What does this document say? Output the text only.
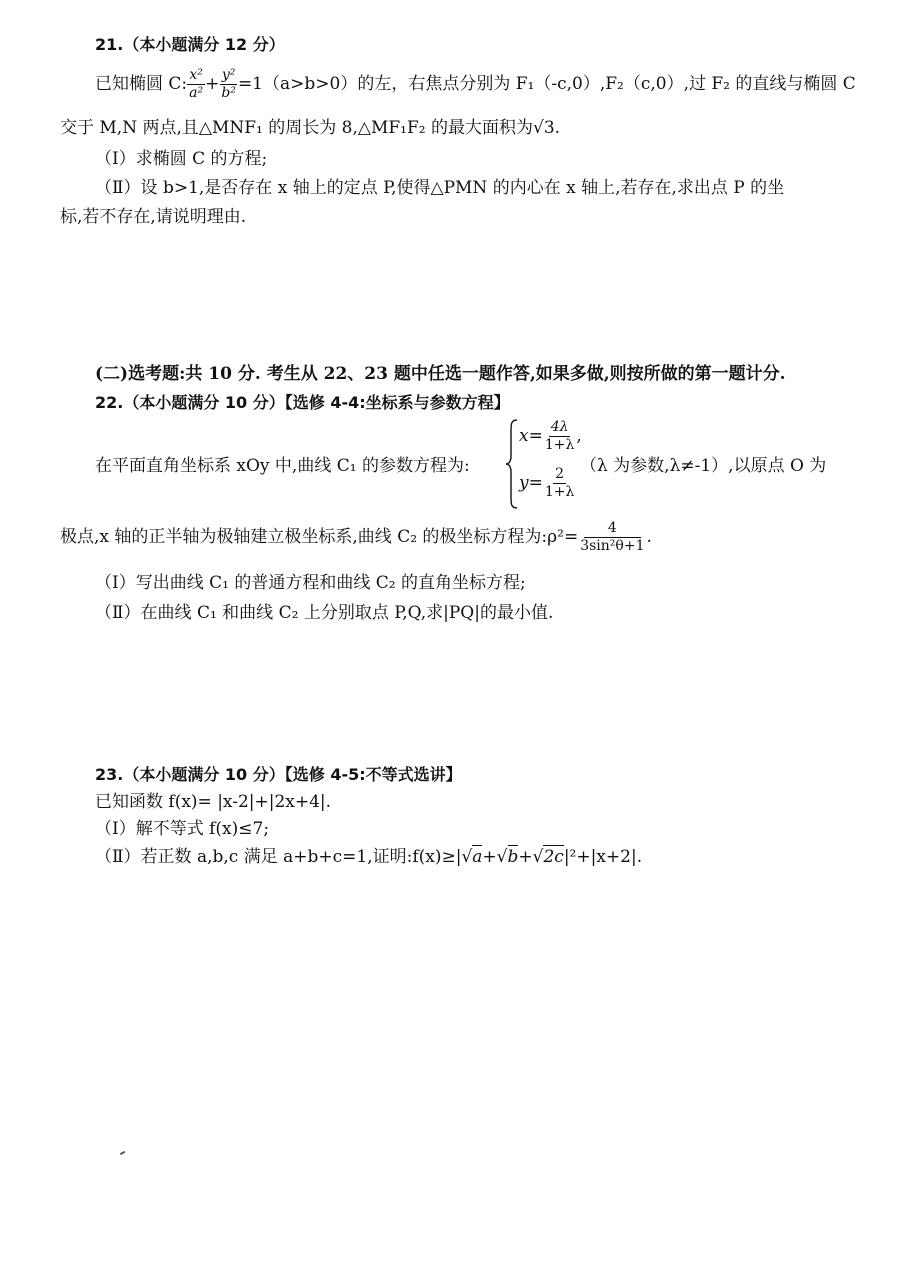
21.（本小题满分 12 分）
已知椭圆 C: $\frac{\text{x²}}{\text{a²}} + \frac{\text{y²}}{\text{b²}} =1(a>b>0)$的左，右焦点分别为 F₁（-c,0）,F₂（c,0）,过 F₂ 的直线与椭圆 C
交于 M,N 两点,且△MNF₁ 的周长为 8,△MF₁F₂ 的最大面积为√3.
（Ⅰ）求椭圆 C 的方程;
（Ⅱ）设 b>1,是否存在 x 轴上的定点 P,使得△PMN 的内心在 x 轴上,若存在,求出点 P 的坐
标,若不存在,请说明理由.
(二)选考题:共 10 分. 考生从 22、23 题中任选一题作答,如果多做,则按所做的第一题计分.
22.（本小题满分 10 分）【选修 4-4:坐标系与参数方程】
在平面直角坐标系 xOy 中,曲线 C₁ 的参数方程为:
$x= \frac{4\lambda}{1+\lambda}$ ,
$y= \frac{2}{1+\lambda}$
（λ 为参数,λ≠-1）,以原点 O 为
极点,x 轴的正半轴为极轴建立极坐标系,曲线 C₂ 的极坐标方程为:ρ²= $\frac{4}{\text{3sin²θ+1}}$ .
（Ⅰ）写出曲线 C₁ 的普通方程和曲线 C₂ 的直角坐标方程;
（Ⅱ）在曲线 C₁ 和曲线 C₂ 上分别取点 P,Q,求|PQ|的最小值.
23.（本小题满分 10 分）【选修 4-5:不等式选讲】
已知函数 f(x)= |x-2|+|2x+4|.
（Ⅰ）解不等式 f(x)≤7;
（Ⅱ）若正数 a,b,c 满足 a+b+c=1,证明:f(x)≥|√a+√b+√2c|²+|x+2|.
